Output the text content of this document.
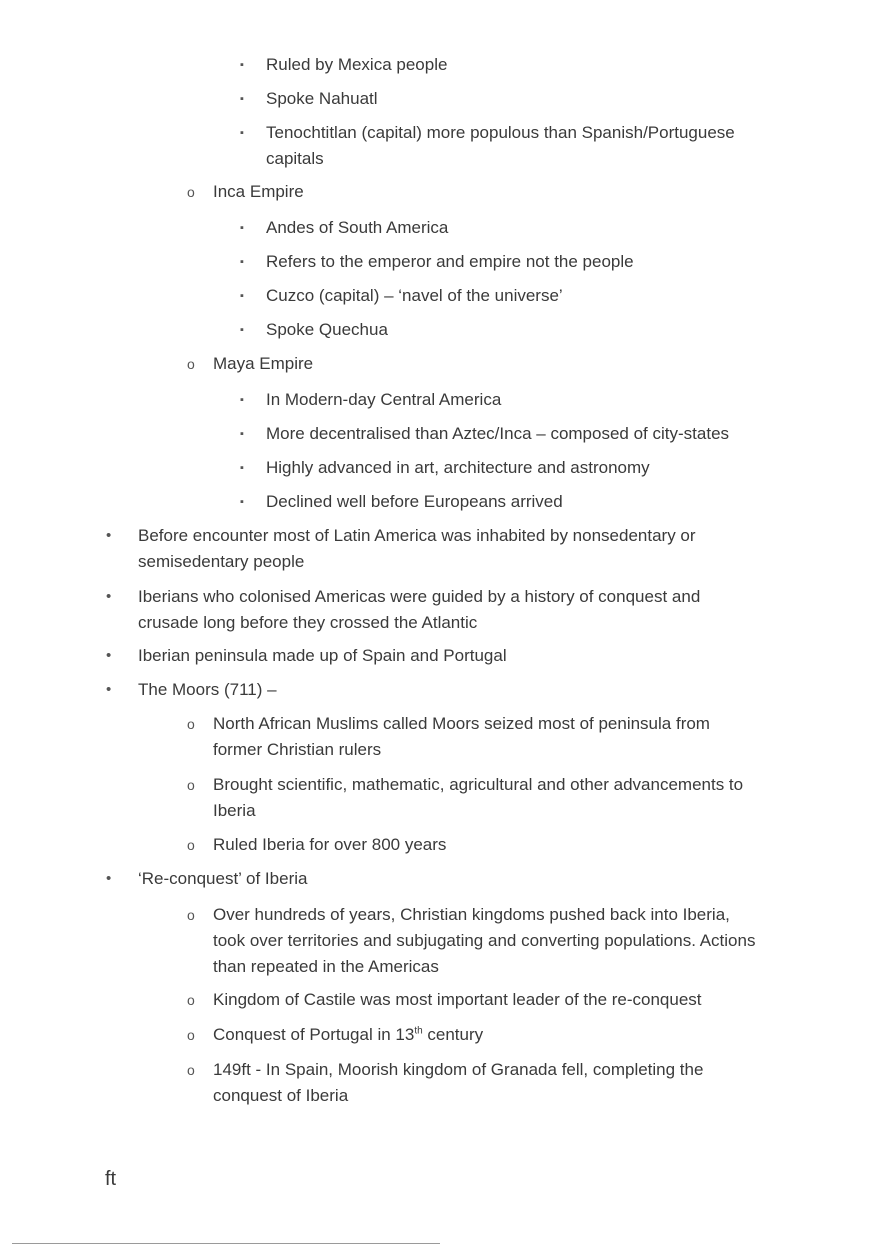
▪ Ruled by Mexica people
▪ Spoke Nahuatl
▪ Tenochtitlan (capital) more populous than Spanish/Portuguese capitals
o Inca Empire
▪ Andes of South America
▪ Refers to the emperor and empire not the people
▪ Cuzco (capital) – ‘navel of the universe’
▪ Spoke Quechua
o Maya Empire
▪ In Modern-day Central America
▪ More decentralised than Aztec/Inca – composed of city-states
▪ Highly advanced in art, architecture and astronomy
▪ Declined well before Europeans arrived
• Before encounter most of Latin America was inhabited by nonsedentary or semisedentary people
• Iberians who colonised Americas were guided by a history of conquest and crusade long before they crossed the Atlantic
• Iberian peninsula made up of Spain and Portugal
• The Moors (711) –
o North African Muslims called Moors seized most of peninsula from former Christian rulers
o Brought scientific, mathematic, agricultural and other advancements to Iberia
o Ruled Iberia for over 800 years
• ‘Re-conquest’ of Iberia
o Over hundreds of years, Christian kingdoms pushed back into Iberia, took over territories and subjugating and converting populations. Actions than repeated in the Americas
o Kingdom of Castile was most important leader of the re-conquest
o Conquest of Portugal in 13th century
o 149ft - In Spain, Moorish kingdom of Granada fell, completing the conquest of Iberia
ft
